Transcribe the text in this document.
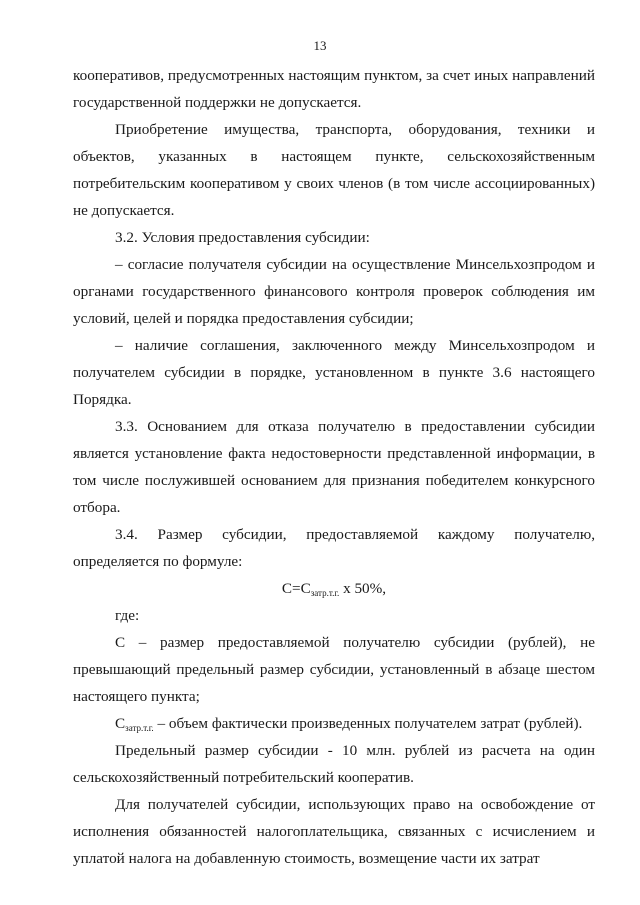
13

кооперативов, предусмотренных настоящим пунктом, за счет иных направлений государственной поддержки не допускается.

Приобретение имущества, транспорта, оборудования, техники и объектов, указанных в настоящем пункте, сельскохозяйственным потребительским кооперативом у своих членов (в том числе ассоциированных) не допускается.

3.2. Условия предоставления субсидии:

– согласие получателя субсидии на осуществление Минсельхозпродом и органами государственного финансового контроля проверок соблюдения им условий, целей и порядка предоставления субсидии;

– наличие соглашения, заключенного между Минсельхозпродом и получателем субсидии в порядке, установленном в пункте 3.6 настоящего Порядка.

3.3. Основанием для отказа получателю в предоставлении субсидии является установление факта недостоверности представленной информации, в том числе послужившей основанием для признания победителем конкурсного отбора.

3.4. Размер субсидии, предоставляемой каждому получателю, определяется по формуле:

$С=С_{затр.т.г.}$ х 50%,

где:

С – размер предоставляемой получателю субсидии (рублей), не превышающий предельный размер субсидии, установленный в абзаце шестом настоящего пункта;

$С_{затр.т.г.}$ – объем фактически произведенных получателем затрат (рублей).

Предельный размер субсидии - 10 млн. рублей из расчета на один сельскохозяйственный потребительский кооператив.

Для получателей субсидии, использующих право на освобождение от исполнения обязанностей налогоплательщика, связанных с исчислением и уплатой налога на добавленную стоимость, возмещение части их затрат
